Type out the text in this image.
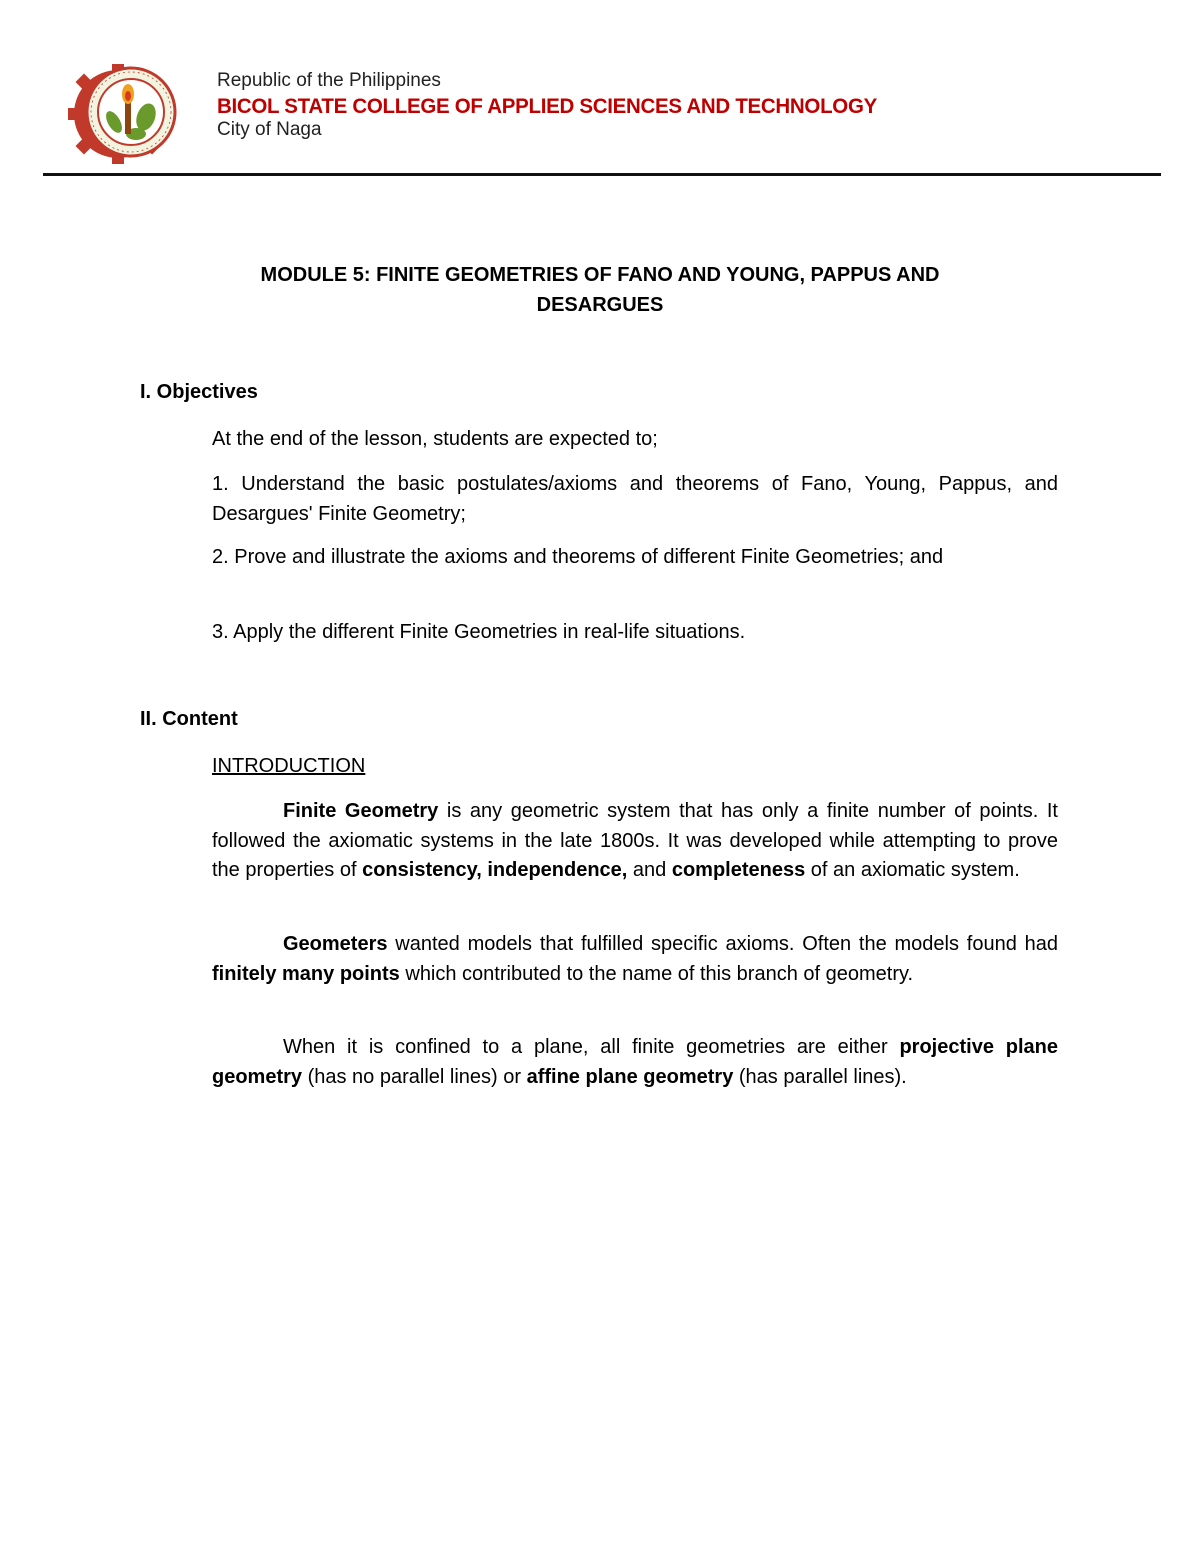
Republic of the Philippines

BICOL STATE COLLEGE OF APPLIED SCIENCES AND TECHNOLOGY

City of Naga

MODULE 5: FINITE GEOMETRIES OF FANO AND YOUNG, PAPPUS AND
DESARGUES
I. Objectives

At the end of the lesson, students are expected to;

1. Understand the basic postulates/axioms and theorems of Fano, Young, Pappus, and Desargues' Finite Geometry;

2. Prove and illustrate the axioms and theorems of different Finite Geometries; and

3. Apply the different Finite Geometries in real-life situations.

II. Content

INTRODUCTION

Finite Geometry is any geometric system that has only a finite number of points. It followed the axiomatic systems in the late 1800s. It was developed while attempting to prove the properties of consistency, independence, and completeness of an axiomatic system.

Geometers wanted models that fulfilled specific axioms. Often the models found had finitely many points which contributed to the name of this branch of geometry.

When it is confined to a plane, all finite geometries are either projective plane geometry (has no parallel lines) or affine plane geometry (has parallel lines).
